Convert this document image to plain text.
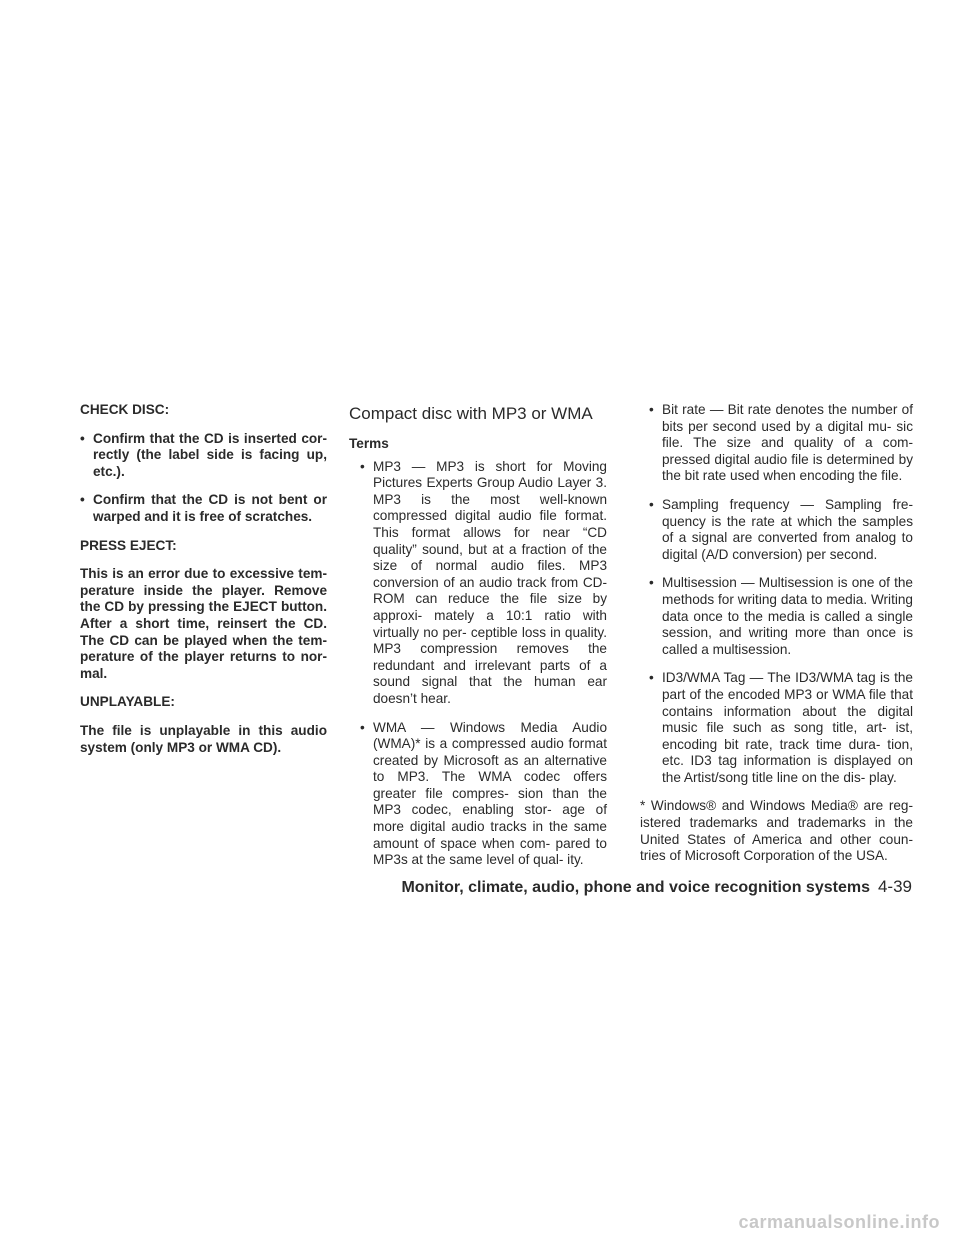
CHECK DISC:

• Confirm that the CD is inserted cor- rectly (the label side is facing up, etc.).
• Confirm that the CD is not bent or warped and it is free of scratches.

PRESS EJECT:

This is an error due to excessive tem- perature inside the player. Remove the CD by pressing the EJECT button. After a short time, reinsert the CD. The CD can be played when the tem- perature of the player returns to nor- mal.

UNPLAYABLE:

The file is unplayable in this audio system (only MP3 or WMA CD).

Compact disc with MP3 or WMA

Terms

• MP3 — MP3 is short for Moving Pictures Experts Group Audio Layer 3. MP3 is the most well-known compressed digital audio file format. This format allows for near “CD quality” sound, but at a fraction of the size of normal audio files. MP3 conversion of an audio track from CD-ROM can reduce the file size by approxi- mately a 10:1 ratio with virtually no per- ceptible loss in quality. MP3 compression removes the redundant and irrelevant parts of a sound signal that the human ear doesn’t hear.
• WMA — Windows Media Audio (WMA)* is a compressed audio format created by Microsoft as an alternative to MP3. The WMA codec offers greater file compres- sion than the MP3 codec, enabling stor- age of more digital audio tracks in the same amount of space when com- pared to MP3s at the same level of qual- ity.
• Bit rate — Bit rate denotes the number of bits per second used by a digital mu- sic file. The size and quality of a com- pressed digital audio file is determined by the bit rate used when encoding the file.
• Sampling frequency — Sampling fre- quency is the rate at which the samples of a signal are converted from analog to digital (A/D conversion) per second.
• Multisession — Multisession is one of the methods for writing data to media. Writing data once to the media is called a single session, and writing more than once is called a multisession.
• ID3/WMA Tag — The ID3/WMA tag is the part of the encoded MP3 or WMA file that contains information about the digital music file such as song title, art- ist, encoding bit rate, track time dura- tion, etc. ID3 tag information is displayed on the Artist/song title line on the dis- play.

* Windows® and Windows Media® are reg- istered trademarks and trademarks in the United States of America and other coun- tries of Microsoft Corporation of the USA.

Monitor, climate, audio, phone and voice recognition systems 4-39
carmanualsonline.info
